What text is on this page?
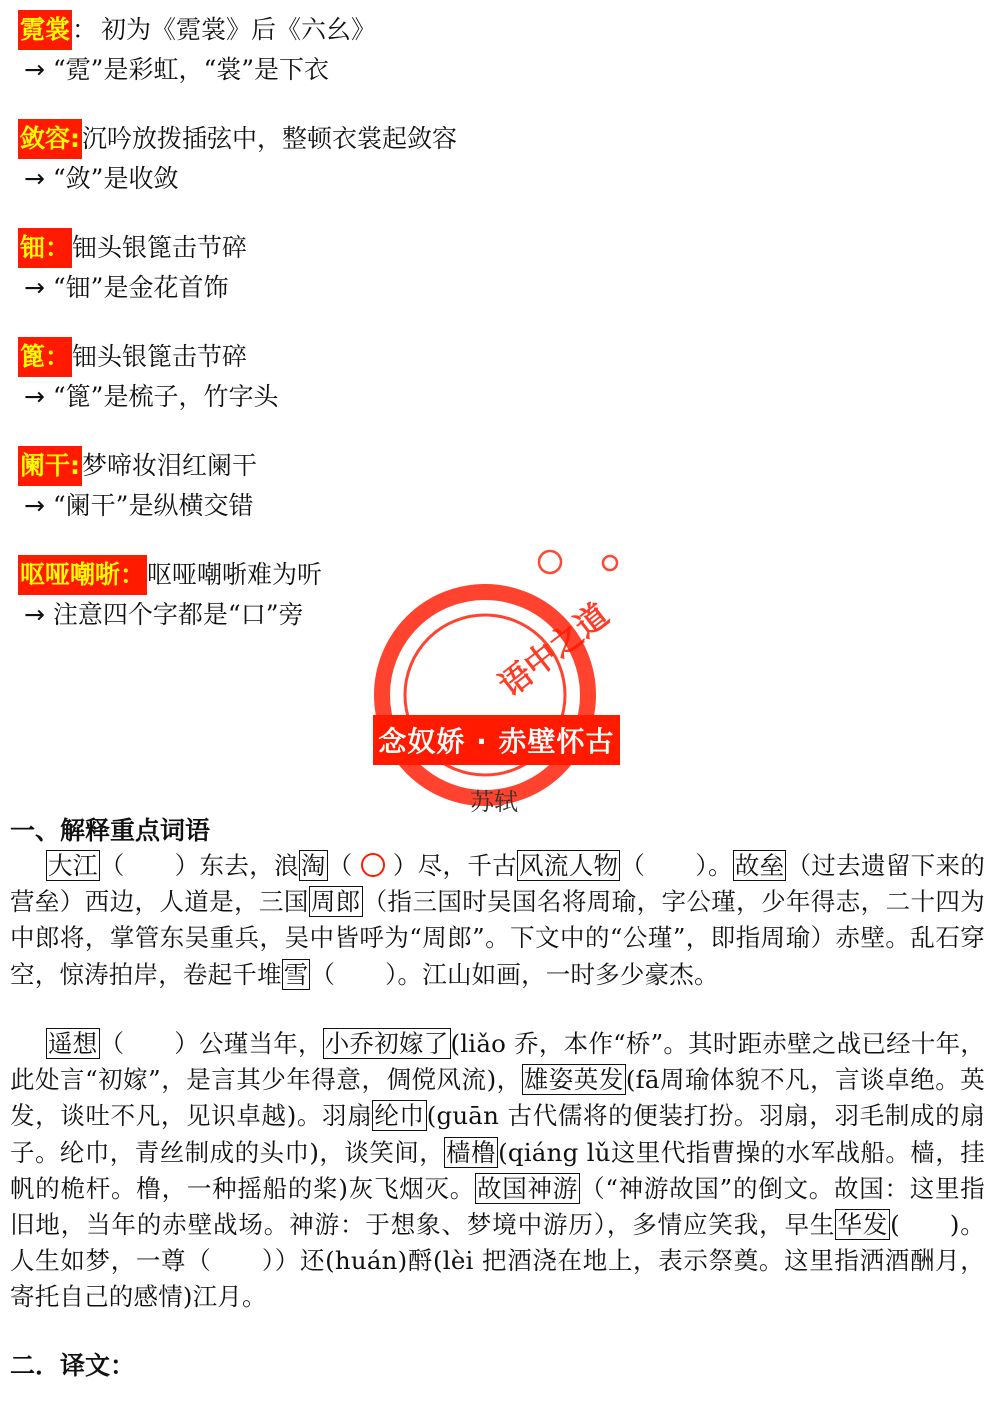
霓裳 ： 初为《霓裳》后《六幺》
→ “霓”是彩虹，“裳”是下衣
敛容: 沉吟放拨插弦中，整顿衣裳起敛容
→ “敛”是收敛
钿： 钿头银篦击节碎
→ “钿”是金花首饰
篦： 钿头银篦击节碎
→ “篦”是梳子，竹字头
阑干: 梦啼妆泪红阑干
→ “阑干”是纵横交错
呕哑嘲哳： 呕哑嘲哳难为听
→ 注意四个字都是“口”旁	语中之道
念奴娇 · 赤壁怀古
苏轼
一、解释重点词语
大江（ ）东去，浪淘（ ○ ）尽，千古风流人物（ ）。故垒（过去遗留下来的营垒）西边，人道是，三国周郎（指三国时吴国名将周瑜，字公瑾，少年得志，二十四为中郎将，掌管东吴重兵，吴中皆呼为“周郎”。下文中的“公瑾”，即指周瑜）赤壁。乱石穿空，惊涛拍岸，卷起千堆雪（ ）。江山如画，一时多少豪杰。
遥想（ ）公瑾当年，小乔初嫁了(liǎo 乔，本作“桥”。其时距赤壁之战已经十年，此处言“初嫁”，是言其少年得意，倜傥风流)，雄姿英发(fā周瑜体貌不凡，言谈卓绝。英发，谈吐不凡，见识卓越)。羽扇纶巾(guān 古代儒将的便装打扮。羽扇，羽毛制成的扇子。纶巾，青丝制成的头巾)，谈笑间，樯橹(qiáng lǔ这里代指曹操的水军战船。樯，挂帆的桅杆。橹，一种摇船的桨)灰飞烟灭。故国神游（“神游故国”的倒文。故国：这里指旧地，当年的赤壁战场。神游：于想象、梦境中游历），多情应笑我，早生华发( )。人生如梦，一尊（ ））还(huán)酹(lèi 把酒浇在地上，表示祭奠。这里指洒酒酬月，寄托自己的感情)江月。
二．译文：
